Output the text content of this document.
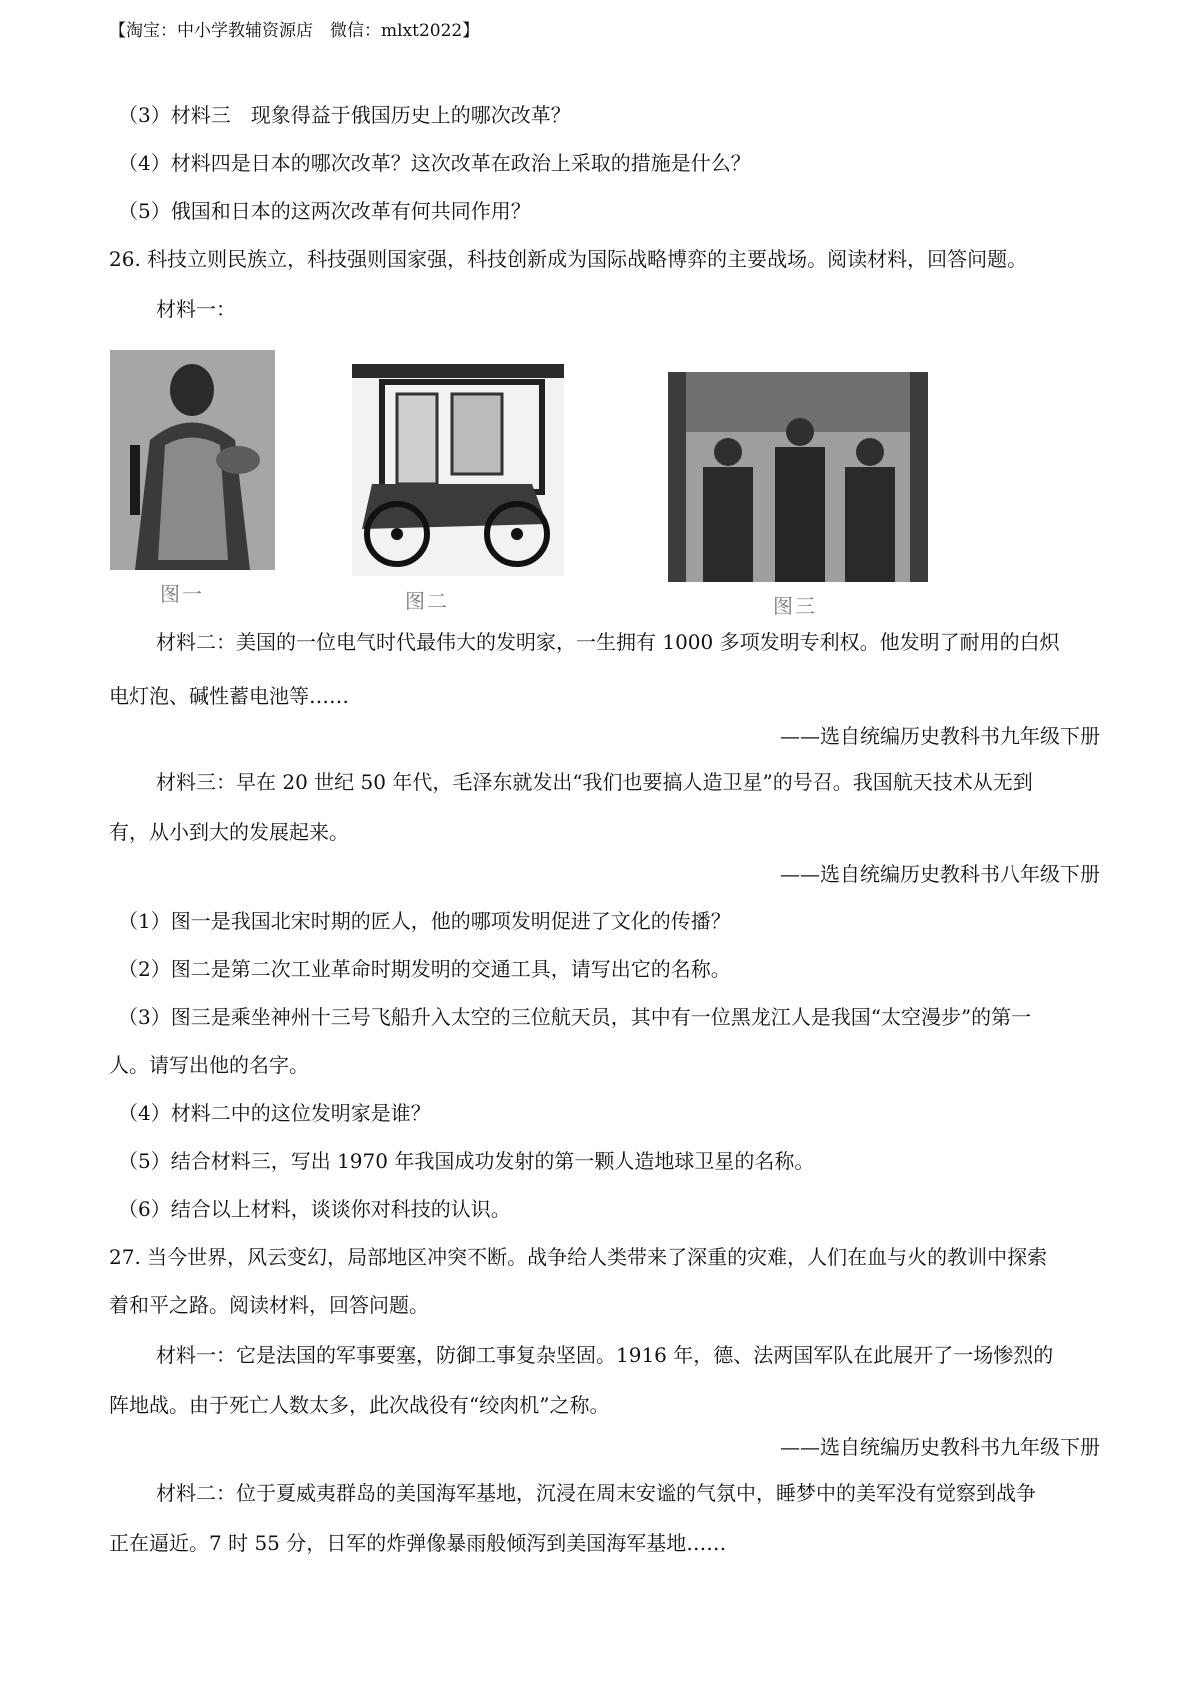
【淘宝：中小学教辅资源店　微信：mlxt2022】
（3）材料三　现象得益于俄国历史上的哪次改革？
（4）材料四是日本的哪次改革？这次改革在政治上采取的措施是什么？
（5）俄国和日本的这两次改革有何共同作用？
26. 科技立则民族立，科技强则国家强，科技创新成为国际战略博弈的主要战场。阅读材料，回答问题。
材料一：
图一	图二	图三
材料二：美国的一位电气时代最伟大的发明家，一生拥有 1000 多项发明专利权。他发明了耐用的白炽
电灯泡、碱性蓄电池等……
——选自统编历史教科书九年级下册
材料三：早在 20 世纪 50 年代，毛泽东就发出“我们也要搞人造卫星”的号召。我国航天技术从无到
有，从小到大的发展起来。
——选自统编历史教科书八年级下册
（1）图一是我国北宋时期的匠人，他的哪项发明促进了文化的传播？
（2）图二是第二次工业革命时期发明的交通工具，请写出它的名称。
（3）图三是乘坐神州十三号飞船升入太空的三位航天员，其中有一位黑龙江人是我国“太空漫步”的第一
人。请写出他的名字。
（4）材料二中的这位发明家是谁？
（5）结合材料三，写出 1970 年我国成功发射的第一颗人造地球卫星的名称。
（6）结合以上材料，谈谈你对科技的认识。
27. 当今世界，风云变幻，局部地区冲突不断。战争给人类带来了深重的灾难，人们在血与火的教训中探索
着和平之路。阅读材料，回答问题。
材料一：它是法国的军事要塞，防御工事复杂坚固。1916 年，德、法两国军队在此展开了一场惨烈的
阵地战。由于死亡人数太多，此次战役有“绞肉机”之称。
——选自统编历史教科书九年级下册
材料二：位于夏威夷群岛的美国海军基地，沉浸在周末安谧的气氛中，睡梦中的美军没有觉察到战争
正在逼近。7 时 55 分，日军的炸弹像暴雨般倾泻到美国海军基地……
